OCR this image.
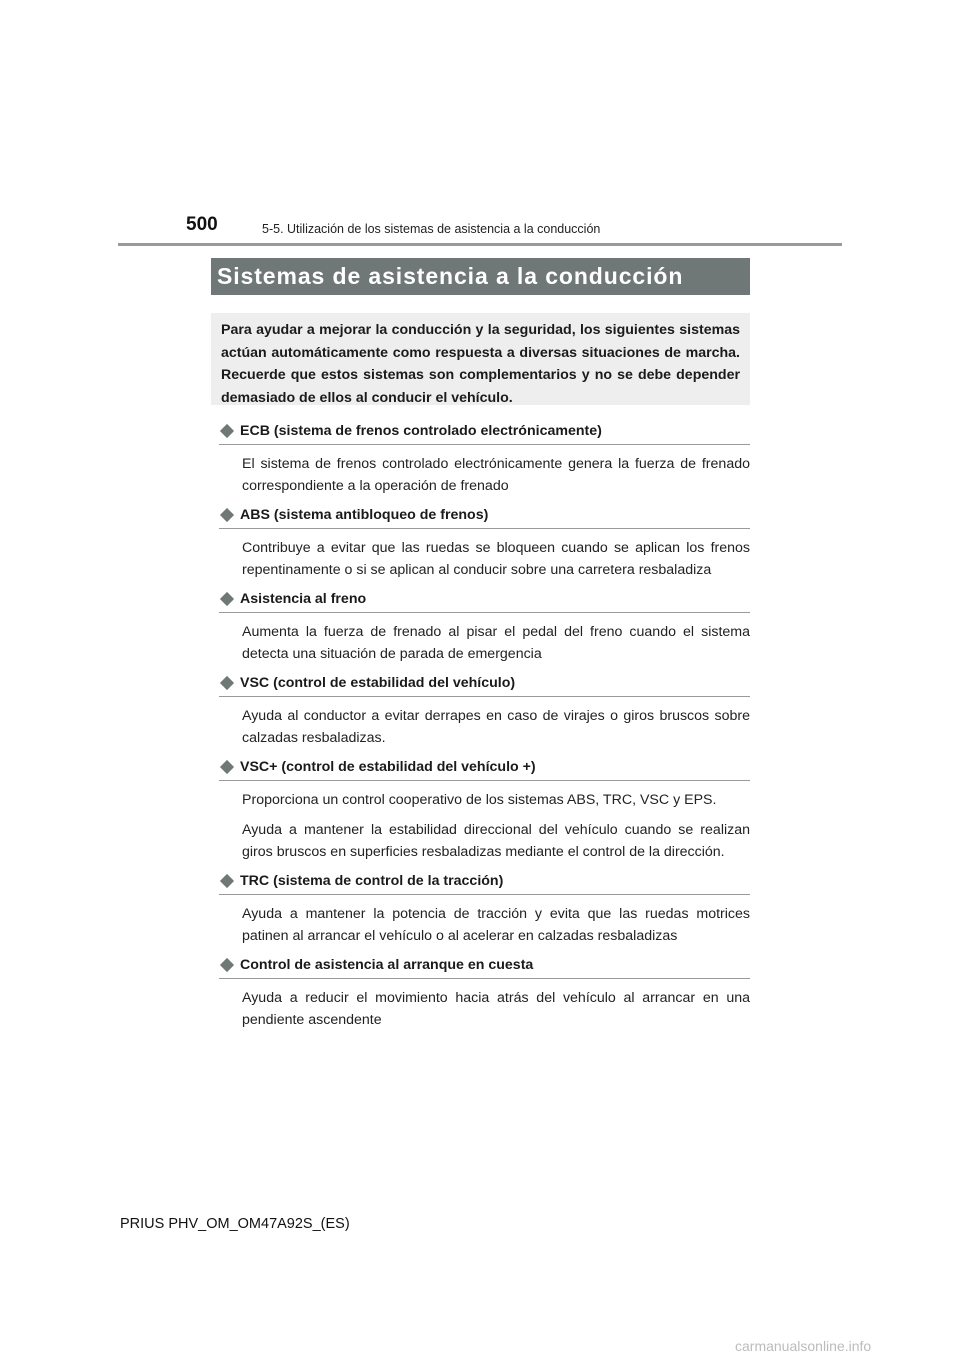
500	5-5. Utilización de los sistemas de asistencia a la conducción
Sistemas de asistencia a la conducción

Para ayudar a mejorar la conducción y la seguridad, los siguientes sistemas actúan automáticamente como respuesta a diversas situaciones de marcha. Recuerde que estos sistemas son complementarios y no se debe depender demasiado de ellos al conducir el vehículo.

ECB (sistema de frenos controlado electrónicamente)

El sistema de frenos controlado electrónicamente genera la fuerza de frenado correspondiente a la operación de frenado

ABS (sistema antibloqueo de frenos)

Contribuye a evitar que las ruedas se bloqueen cuando se aplican los frenos repentinamente o si se aplican al conducir sobre una carretera resbaladiza

Asistencia al freno

Aumenta la fuerza de frenado al pisar el pedal del freno cuando el sistema detecta una situación de parada de emergencia

VSC (control de estabilidad del vehículo)

Ayuda al conductor a evitar derrapes en caso de virajes o giros bruscos sobre calzadas resbaladizas.

VSC+ (control de estabilidad del vehículo +)

Proporciona un control cooperativo de los sistemas ABS, TRC, VSC y EPS.

Ayuda a mantener la estabilidad direccional del vehículo cuando se realizan giros bruscos en superficies resbaladizas mediante el control de la dirección.

TRC (sistema de control de la tracción)

Ayuda a mantener la potencia de tracción y evita que las ruedas motrices patinen al arrancar el vehículo o al acelerar en calzadas resbaladizas

Control de asistencia al arranque en cuesta

Ayuda a reducir el movimiento hacia atrás del vehículo al arrancar en una pendiente ascendente

PRIUS PHV_OM_OM47A92S_(ES)
carmanualsonline.info
